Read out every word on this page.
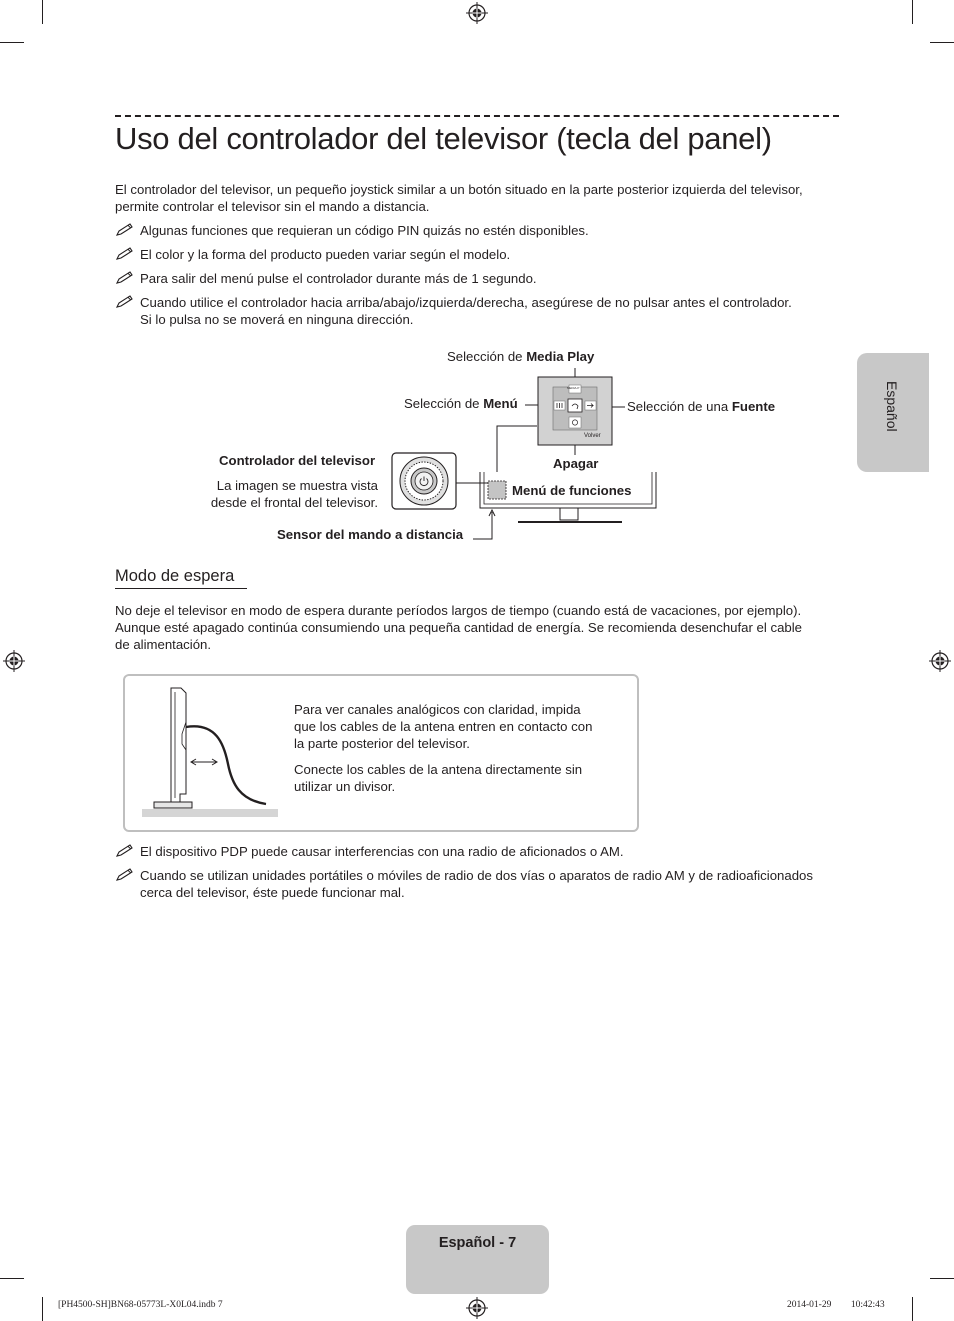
Uso del controlador del televisor (tecla del panel)
El controlador del televisor, un pequeño joystick similar a un botón situado en la parte posterior izquierda del televisor,
permite controlar el televisor sin el mando a distancia.
Algunas funciones que requieran un código PIN quizás no estén disponibles.
El color y la forma del producto pueden variar según el modelo.
Para salir del menú pulse el controlador durante más de 1 segundo.
Cuando utilice el controlador hacia arriba/abajo/izquierda/derecha, asegúrese de no pulsar antes el controlador.
Si lo pulsa no se moverá en ninguna dirección.
Español
Selección de Media Play
Selección de Menú	Selección de una Fuente
Apagar
Menú de funciones
Controlador del televisor
La imagen se muestra vista
desde el frontal del televisor.
Sensor del mando a distancia
MEDIA.P
Volver
Modo de espera
No deje el televisor en modo de espera durante períodos largos de tiempo (cuando está de vacaciones, por ejemplo).
Aunque esté apagado continúa consumiendo una pequeña cantidad de energía. Se recomienda desenchufar el cable
de alimentación.
Para ver canales analógicos con claridad, impida
que los cables de la antena entren en contacto con
la parte posterior del televisor.
Conecte los cables de la antena directamente sin
utilizar un divisor.
El dispositivo PDP puede causar interferencias con una radio de aficionados o AM.
Cuando se utilizan unidades portátiles o móviles de radio de dos vías o aparatos de radio AM y de radioaficionados
cerca del televisor, éste puede funcionar mal.
Español - 7
[PH4500-SH]BN68-05773L-X0L04.indb 7	2014-01-29 ￿￿ 10:42:43
